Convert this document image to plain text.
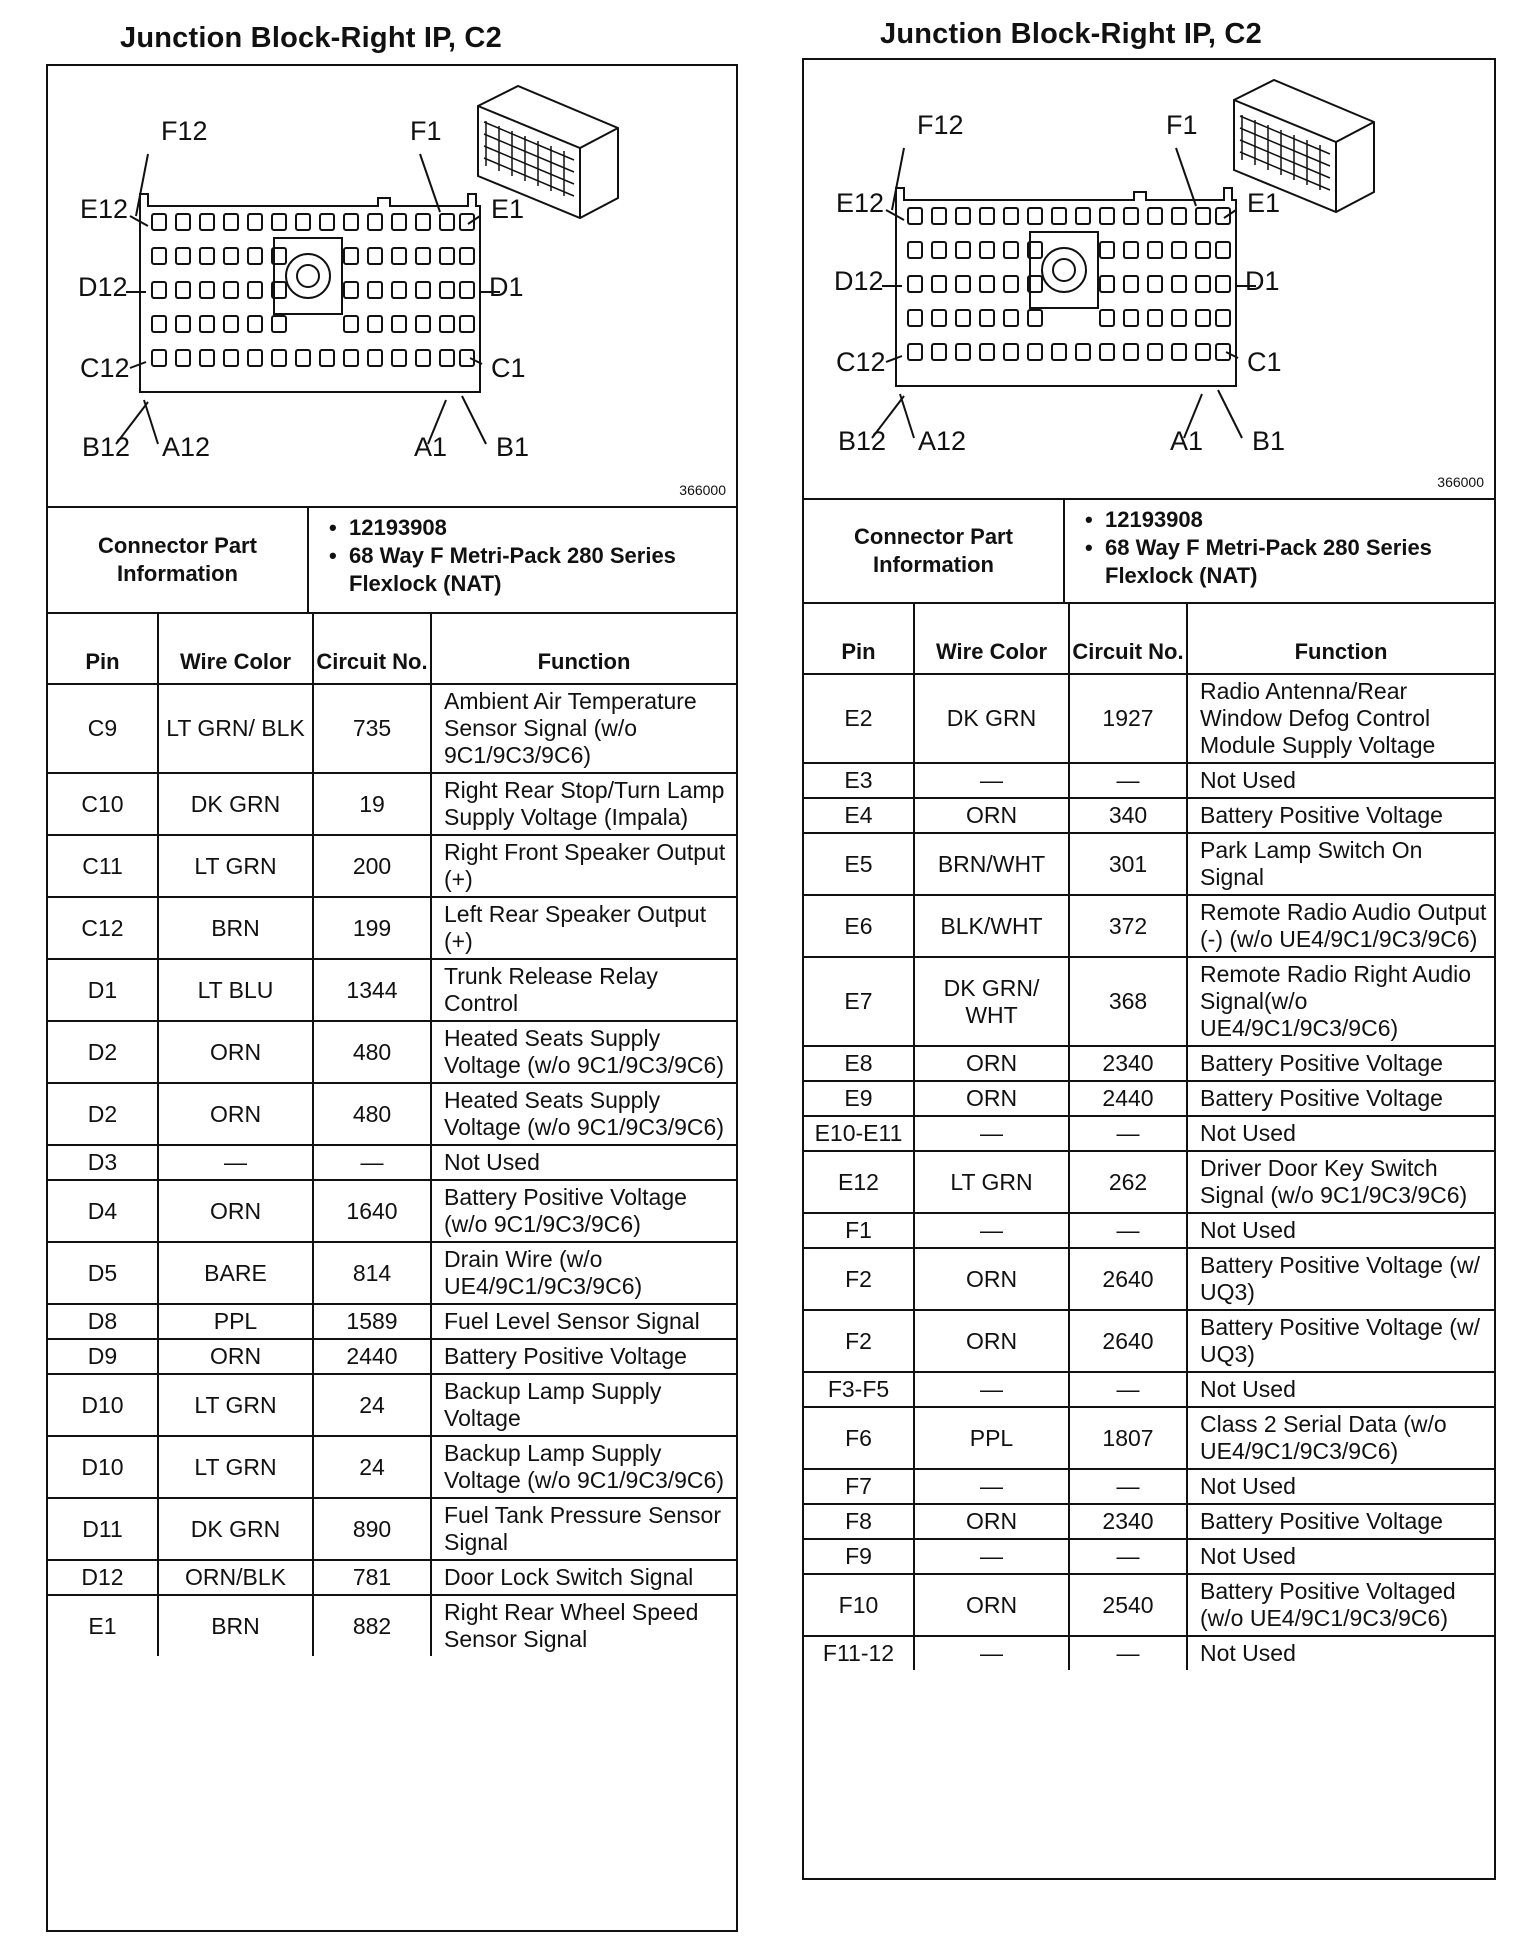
Junction Block-Right IP, C2
F12	F1
E12	E1
D12	D1
C12	C1
B12 A12	A1 B1
366000
Connector Part Information
• 12193908
• 68 Way F Metri-Pack 280 Series Flexlock (NAT)
Pin	Wire Color	Circuit No.	Function
C9	LT GRN/ BLK	735	Ambient Air Temperature Sensor Signal (w/o 9C1/9C3/9C6)
C10	DK GRN	19	Right Rear Stop/Turn Lamp Supply Voltage (Impala)
C11	LT GRN	200	Right Front Speaker Output (+)
C12	BRN	199	Left Rear Speaker Output (+)
D1	LT BLU	1344	Trunk Release Relay Control
D2	ORN	480	Heated Seats Supply Voltage (w/o 9C1/9C3/9C6)
D2	ORN	480	Heated Seats Supply Voltage (w/o 9C1/9C3/9C6)
D3	—	—	Not Used
D4	ORN	1640	Battery Positive Voltage (w/o 9C1/9C3/9C6)
D5	BARE	814	Drain Wire (w/o UE4/9C1/9C3/9C6)
D8	PPL	1589	Fuel Level Sensor Signal
D9	ORN	2440	Battery Positive Voltage
D10	LT GRN	24	Backup Lamp Supply Voltage
D10	LT GRN	24	Backup Lamp Supply Voltage (w/o 9C1/9C3/9C6)
D11	DK GRN	890	Fuel Tank Pressure Sensor Signal
D12	ORN/BLK	781	Door Lock Switch Signal
E1	BRN	882	Right Rear Wheel Speed Sensor Signal
Junction Block-Right IP, C2
F12	F1
E12	E1
D12	D1
C12	C1
B12 A12	A1 B1
366000
Connector Part Information
• 12193908
• 68 Way F Metri-Pack 280 Series Flexlock (NAT)
Pin	Wire Color	Circuit No.	Function
E2	DK GRN	1927	Radio Antenna/Rear Window Defog Control Module Supply Voltage
E3	—	—	Not Used
E4	ORN	340	Battery Positive Voltage
E5	BRN/WHT	301	Park Lamp Switch On Signal
E6	BLK/WHT	372	Remote Radio Audio Output (-) (w/o UE4/9C1/9C3/9C6)
E7	DK GRN/ WHT	368	Remote Radio Right Audio Signal(w/o UE4/9C1/9C3/9C6)
E8	ORN	2340	Battery Positive Voltage
E9	ORN	2440	Battery Positive Voltage
E10-E11	—	—	Not Used
E12	LT GRN	262	Driver Door Key Switch Signal (w/o 9C1/9C3/9C6)
F1	—	—	Not Used
F2	ORN	2640	Battery Positive Voltage (w/ UQ3)
F2	ORN	2640	Battery Positive Voltage (w/ UQ3)
F3-F5	—	—	Not Used
F6	PPL	1807	Class 2 Serial Data (w/o UE4/9C1/9C3/9C6)
F7	—	—	Not Used
F8	ORN	2340	Battery Positive Voltage
F9	—	—	Not Used
F10	ORN	2540	Battery Positive Voltaged (w/o UE4/9C1/9C3/9C6)
F11-12	—	—	Not Used
